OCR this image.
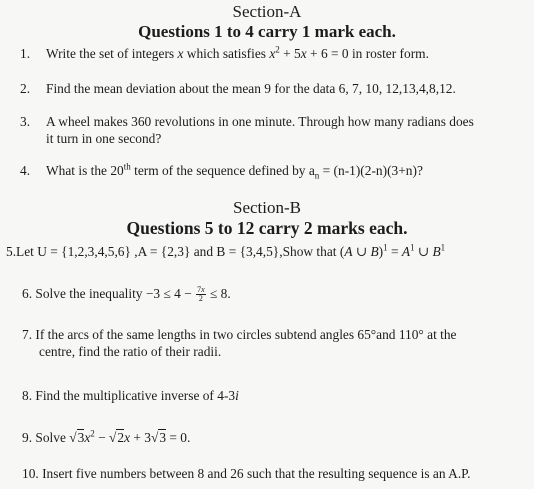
Section-A
Questions 1 to 4 carry 1 mark each.
1. Write the set of integers x which satisfies $x^2 + 5x + 6 = 0$ in roster form.
2. Find the mean deviation about the mean 9 for the data 6, 7, 10, 12,13,4,8,12.
3. A wheel makes 360 revolutions in one minute. Through how many radians does
it turn in one second?
4. What is the 20th term of the sequence defined by $a_n = (n-1)(2-n)(3+n)$?
Section-B
Questions 5 to 12 carry 2 marks each.
5.Let U = {1,2,3,4,5,6} ,A = {2,3} and B = {3,4,5},Show that (A ∪ $B)^1 = A^1$ ∪ $B^1$
6. Solve the inequality $-3 \le 4 - \frac{7x}{2} \le 8$.
7. If the arcs of the same lengths in two circles subtend angles 65°and 110° at the
centre, find the ratio of their radii.
8. Find the multiplicative inverse of 4-3i
9. Solve $√3x^2 - √2x + 3√3 = 0$.
10. Insert five numbers between 8 and 26 such that the resulting sequence is an A.P.
